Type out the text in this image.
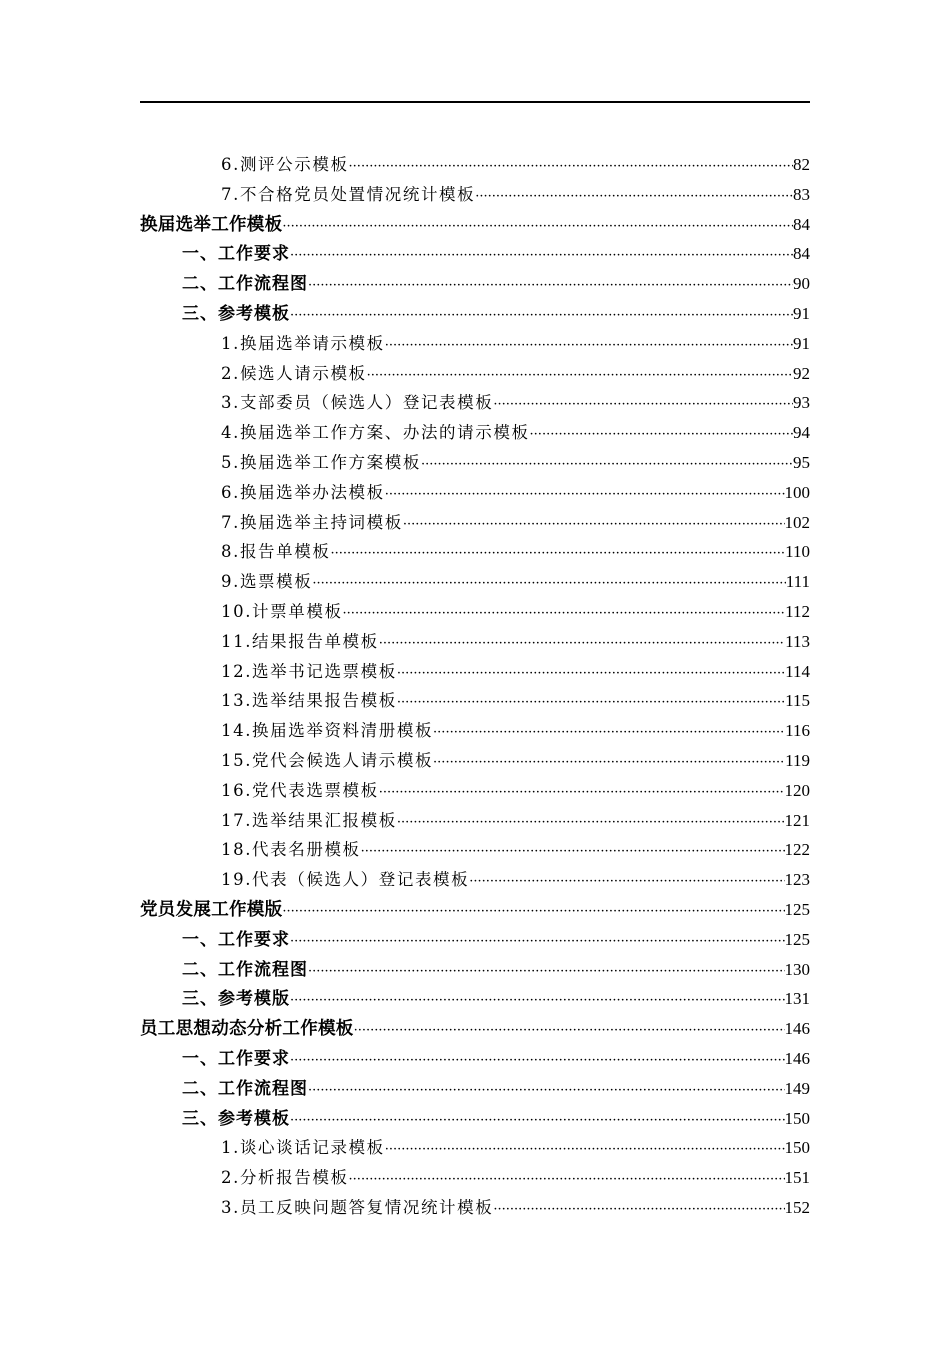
6.测评公示模板 ·····	82
7.不合格党员处置情况统计模板 ·····	83
换届选举工作模板 ·····	84
一、工作要求 ·····	84
二、工作流程图 ·····	90
三、参考模板 ·····	91
1.换届选举请示模板 ·····	91
2.候选人请示模板 ·····	92
3.支部委员（候选人）登记表模板 ·····	93
4.换届选举工作方案、办法的请示模板 ·····	94
5.换届选举工作方案模板 ·····	95
6.换届选举办法模板 ·····	100
7.换届选举主持词模板 ·····	102
8.报告单模板 ·····	110
9.选票模板 ·····	111
10.计票单模板 ·····	112
11.结果报告单模板 ·····	113
12.选举书记选票模板 ·····	114
13.选举结果报告模板 ·····	115
14.换届选举资料清册模板 ·····	116
15.党代会候选人请示模板 ·····	119
16.党代表选票模板 ·····	120
17.选举结果汇报模板 ·····	121
18.代表名册模板 ·····	122
19.代表（候选人）登记表模板 ·····	123
党员发展工作模版 ·····	125
一、工作要求 ·····	125
二、工作流程图 ·····	130
三、参考模版 ·····	131
员工思想动态分析工作模板 ·····	146
一、工作要求 ·····	146
二、工作流程图 ·····	149
三、参考模板 ·····	150
1.谈心谈话记录模板 ·····	150
2.分析报告模板 ·····	151
3.员工反映问题答复情况统计模板 ·····	152
